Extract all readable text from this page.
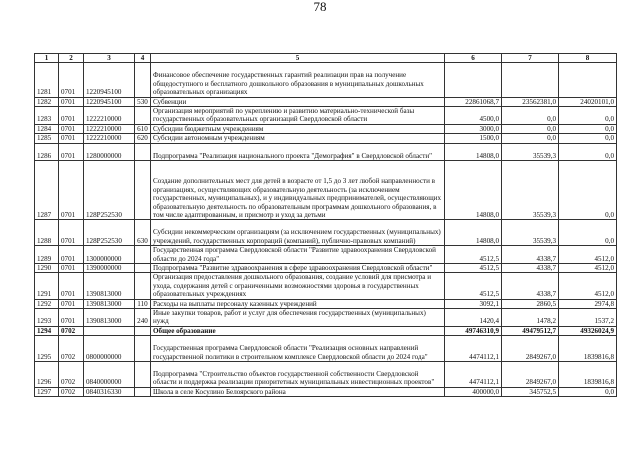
78
1	2	3	4	5	6	7	8
1281	0701	1220945100		Финансовое обеспечение государственных гарантий реализации прав на получение общедоступного и бесплатного дошкольного образования в муниципальных дошкольных образовательных организациях			
1282	0701	1220945100	530	Субвенции	22861068,7	23562381,0	24020101,0
1283	0701	1222210000		Организация мероприятий по укреплению и развитию материально-технической базы государственных образовательных организаций Свердловской области	4500,0	0,0	0,0
1284	0701	1222210000	610	Субсидии бюджетным учреждениям	3000,0	0,0	0,0
1285	0701	1222210000	620	Субсидии автономным учреждениям	1500,0	0,0	0,0
1286	0701	1280000000		Подпрограмма "Реализация национального проекта "Демография" в Свердловской области"	14808,0	35539,3	0,0
1287	0701	128P252530		Создание дополнительных мест для детей в возрасте от 1,5 до 3 лет любой направленности в организациях, осуществляющих образовательную деятельность (за исключением государственных, муниципальных), и у индивидуальных предпринимателей, осуществляющих образовательную деятельность по образовательным программам дошкольного образования, в том числе адаптированным, и присмотр и уход за детьми	14808,0	35539,3	0,0
1288	0701	128P252530	630	Субсидии некоммерческим организациям (за исключением государственных (муниципальных) учреждений, государственных корпораций (компаний), публично-правовых компаний)	14808,0	35539,3	0,0
1289	0701	1300000000		Государственная программа Свердловской области "Развитие здравоохранения Свердловской области до 2024 года"	4512,5	4338,7	4512,0
1290	0701	1390000000		Подпрограмма "Развитие здравоохранения в сфере здравоохранения Свердловской области"	4512,5	4338,7	4512,0
1291	0701	1390813000		Организация предоставления дошкольного образования, создание условий для присмотра и ухода, содержания детей с ограниченными возможностями здоровья в государственных образовательных учреждениях	4512,5	4338,7	4512,0
1292	0701	1390813000	110	Расходы на выплаты персоналу казенных учреждений	3092,1	2860,5	2974,8
1293	0701	1390813000	240	Иные закупки товаров, работ и услуг для обеспечения государственных (муниципальных) нужд	1420,4	1478,2	1537,2
1294	0702			Общее образование	49746310,9	49479512,7	49326024,9
1295	0702	0800000000		Государственная программа Свердловской области "Реализация основных направлений государственной политики в строительном комплексе Свердловской области до 2024 года"	4474112,1	2849267,0	1839816,8
1296	0702	0840000000		Подпрограмма "Строительство объектов государственной собственности Свердловской области и поддержка реализации приоритетных муниципальных инвестиционных проектов"	4474112,1	2849267,0	1839816,8
1297	0702	0840316330		Школа в селе Косулино Белоярского района	400000,0	345752,5	0,0
